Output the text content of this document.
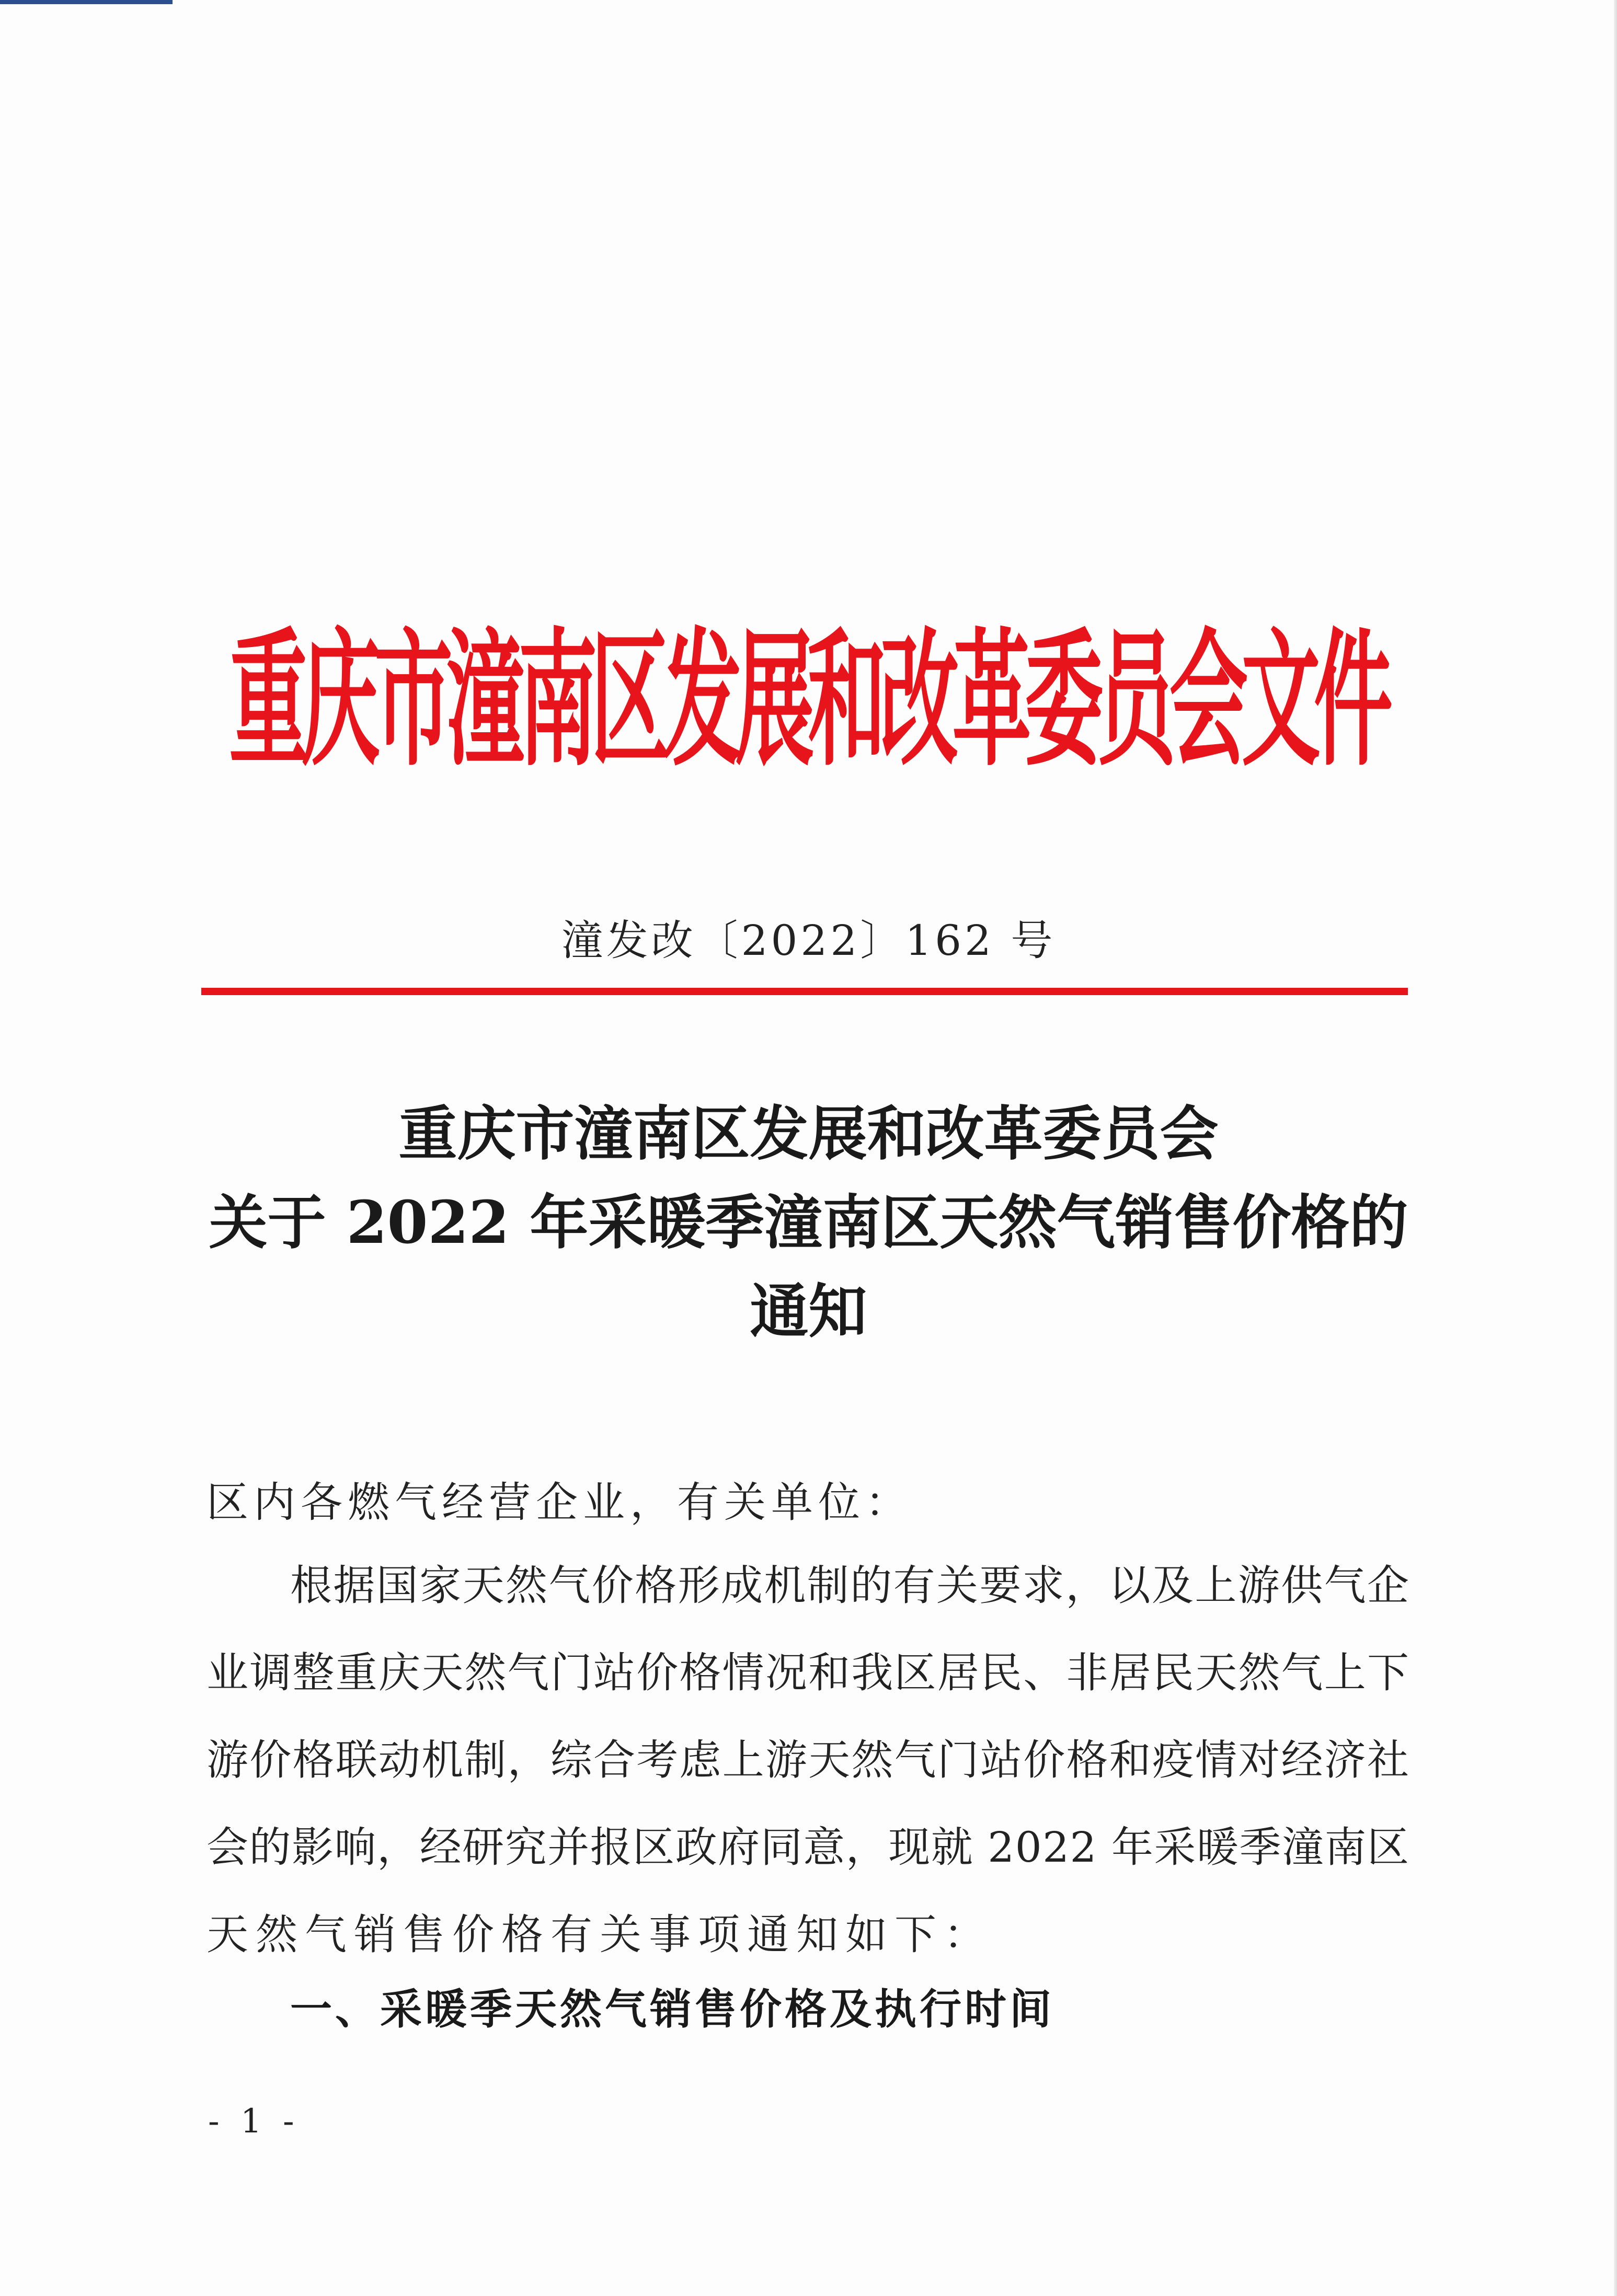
重庆市潼南区发展和改革委员会文件
潼发改〔2022〕162 号
重庆市潼南区发展和改革委员会
关于 2022 年采暖季潼南区天然气销售价格的
通知
区内各燃气经营企业，有关单位：
根据国家天然气价格形成机制的有关要求，以及上游供气企
业调整重庆天然气门站价格情况和我区居民、非居民天然气上下
游价格联动机制，综合考虑上游天然气门站价格和疫情对经济社
会的影响，经研究并报区政府同意，现就 2022 年采暖季潼南区
天然气销售价格有关事项通知如下：
一、采暖季天然气销售价格及执行时间
- 1 -
